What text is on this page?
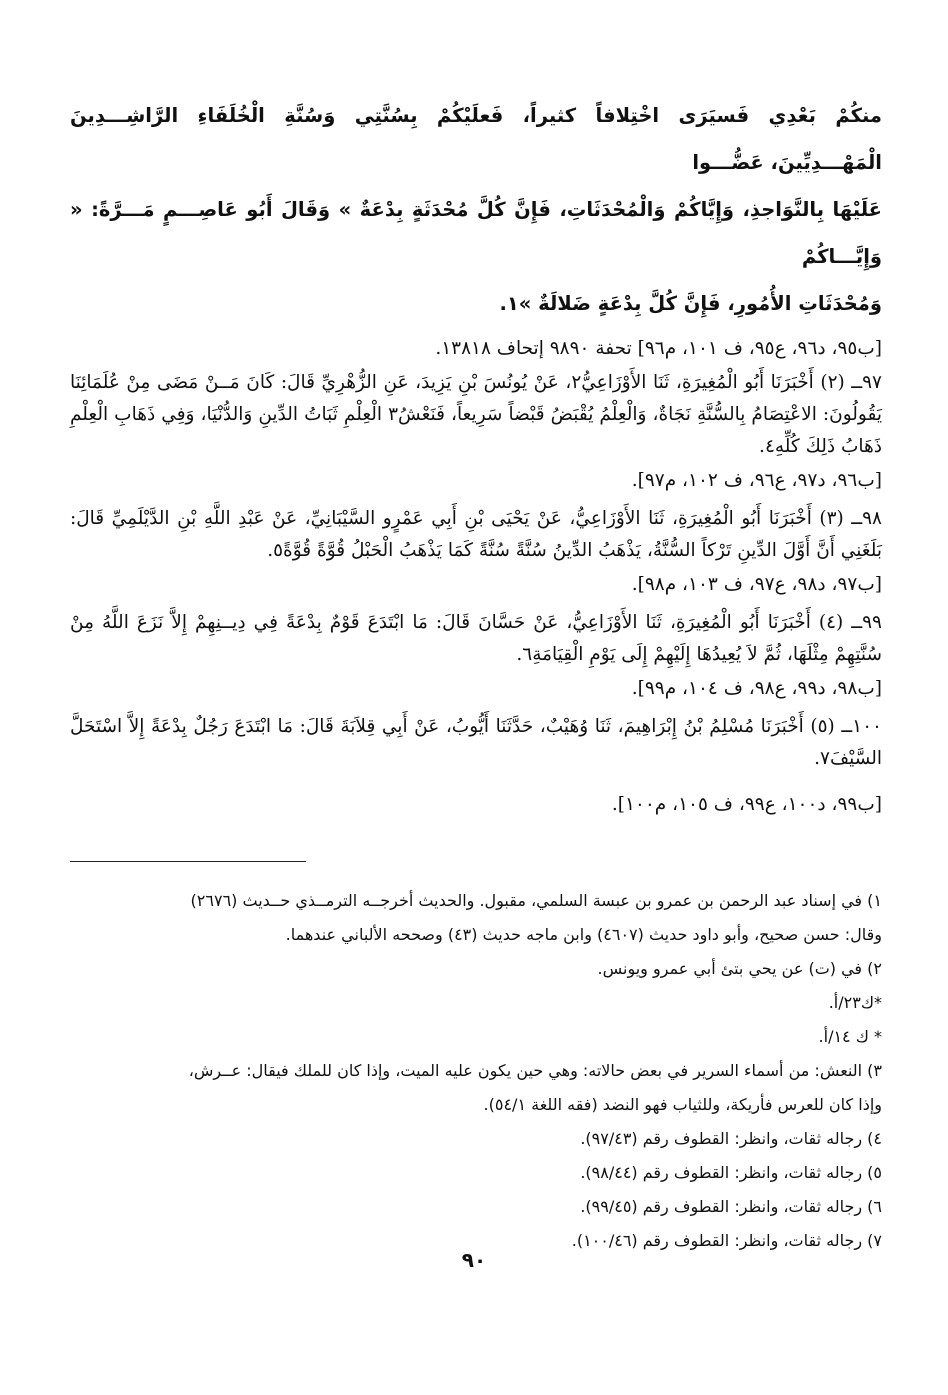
منكُمْ بَعْدِي فَسيَرَى اخْتِلافاً كثيراً، فَعلَيْكُمْ بِسُنَّتِي وَسُنَّةِ الْخُلَفَاءِ الرَّاشِـــدِينَ الْمَهْـــدِيِّينَ، عَضُّـــوا
عَلَيْهَا بِالنَّوَاجذِ، وَإِيَّاكُمْ وَالْمُحْدَثَاتِ، فَإِنَّ كُلَّ مُحْدَثَةٍ بِدْعَةٌ » وَقَالَ أَبُو عَاصِـــمٍ مَـــرَّةً: « وَإِيَّـــاكُمْ
وَمُحْدَثَاتِ الأُمُورِ، فَإِنَّ كُلَّ بِدْعَةٍ ضَلالَةٌ »١.

[ب٩٥، د٩٦، ع٩٥، ف ١٠١، م٩٦] تحفة ٩٨٩٠ إتحاف ١٣٨١٨.

٩٧ــ (٢) أَخْبَرَنَا أَبُو الْمُغِيرَةِ، ثَنَا الأَوْزَاعِيُّ٢، عَنْ يُونُسَ بْنِ يَزِيدَ، عَنِ الزُّهْرِيِّ قَالَ: كَانَ مَــنْ مَضَى مِنْ عُلَمَائِنَا يَقُولُونَ: الاعْتِصَامُ بِالسُّنَّةِ نَجَاةٌ، وَالْعِلْمُ يُقْبَضُ قَبْضاً سَرِيعاً، فَنَعْشُ٣ الْعِلْمِ ثَبَاتُ الدِّينِ وَالدُّنْيَا، وَفِي ذَهَابِ الْعِلْمِ ذَهَابُ ذَلِكَ كُلِّهِ٤.

[ب٩٦، د٩٧، ع٩٦، ف ١٠٢، م٩٧].

٩٨ــ (٣) أَخْبَرَنَا أَبُو الْمُغِيرَةِ، ثَنَا الأَوْزَاعِيُّ، عَنْ يَحْيَى بْنِ أَبِي عَمْرٍو السَّيْبَانِيِّ، عَنْ عَبْدِ اللَّهِ بْنِ الدَّيْلَمِيِّ قَالَ: بَلَغَنِي أَنَّ أَوَّلَ الدِّينِ تَرْكاً السُّنَّةُ، يَذْهَبُ الدِّينُ سُنَّةً سُنَّةً كَمَا يَذْهَبُ الْحَبْلُ قُوَّةً قُوَّةً٥.

[ب٩٧، د٩٨، ع٩٧، ف ١٠٣، م٩٨].

٩٩ــ (٤) أَخْبَرَنَا أَبُو الْمُغِيرَةِ، ثَنَا الأَوْزَاعِيُّ، عَنْ حَسَّانَ قَالَ: مَا ابْتَدَعَ قَوْمٌ بِدْعَةً فِي دِيــنِهِمْ إِلاَّ نَزَعَ اللَّهُ مِنْ سُنَّتِهِمْ مِثْلَهَا، ثُمَّ لاَ يُعِيدُهَا إِلَيْهِمْ إِلَى يَوْمِ الْقِيَامَةِ٦.

[ب٩٨، د٩٩، ع٩٨، ف ١٠٤، م٩٩].

١٠٠ــ (٥) أَخْبَرَنَا مُسْلِمُ بْنُ إِبْرَاهِيمَ، ثَنَا وُهَيْبٌ، حَدَّثَنَا أَيُّوبُ، عَنْ أَبِي قِلاَبَةَ قَالَ: مَا ابْتَدَعَ رَجُلٌ بِدْعَةً إِلاَّ اسْتَحَلَّ السَّيْفَ٧.

[ب٩٩، د١٠٠، ع٩٩، ف ١٠٥، م١٠٠].

١) في إسناد عبد الرحمن بن عمرو بن عبسة السلمي، مقبول. والحديث أخرجــه الترمــذي حــديث (٢٦٧٦)

وقال: حسن صحيح، وأبو داود حديث (٤٦٠٧) وابن ماجه حديث (٤٣) وصححه الألباني عندهما.

٢) في (ت) عن يحي بتئ أبي عمرو ويونس.

*ك٢٣/أ.

* ك ١٤/أ.

٣) النعش: من أسماء السرير في بعض حالاته: وهي حين يكون عليه الميت، وإذا كان للملك فيقال: عــرش،

وإذا كان للعرس فأريكة، وللثياب فهو النضد (فقه اللغة ٥٤/١).

٤) رجاله ثقات، وانظر: القطوف رقم (٩٧/٤٣).

٥) رجاله ثقات، وانظر: القطوف رقم (٩٨/٤٤).

٦) رجاله ثقات، وانظر: القطوف رقم (٩٩/٤٥).

٧) رجاله ثقات، وانظر: القطوف رقم (١٠٠/٤٦).

٩٠
